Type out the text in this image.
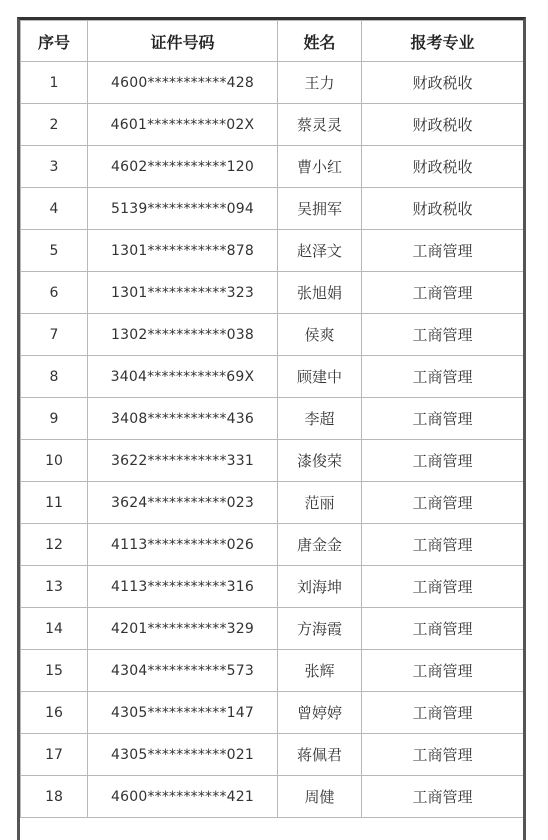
序号	证件号码	姓名	报考专业
1	4600***********428	王力	财政税收
2	4601***********02X	蔡灵灵	财政税收
3	4602***********120	曹小红	财政税收
4	5139***********094	吴拥军	财政税收
5	1301***********878	赵泽文	工商管理
6	1301***********323	张旭娟	工商管理
7	1302***********038	侯爽	工商管理
8	3404***********69X	顾建中	工商管理
9	3408***********436	李超	工商管理
10	3622***********331	漆俊荣	工商管理
11	3624***********023	范丽	工商管理
12	4113***********026	唐金金	工商管理
13	4113***********316	刘海坤	工商管理
14	4201***********329	方海霞	工商管理
15	4304***********573	张辉	工商管理
16	4305***********147	曾婷婷	工商管理
17	4305***********021	蒋佩君	工商管理
18	4600***********421	周健	工商管理
